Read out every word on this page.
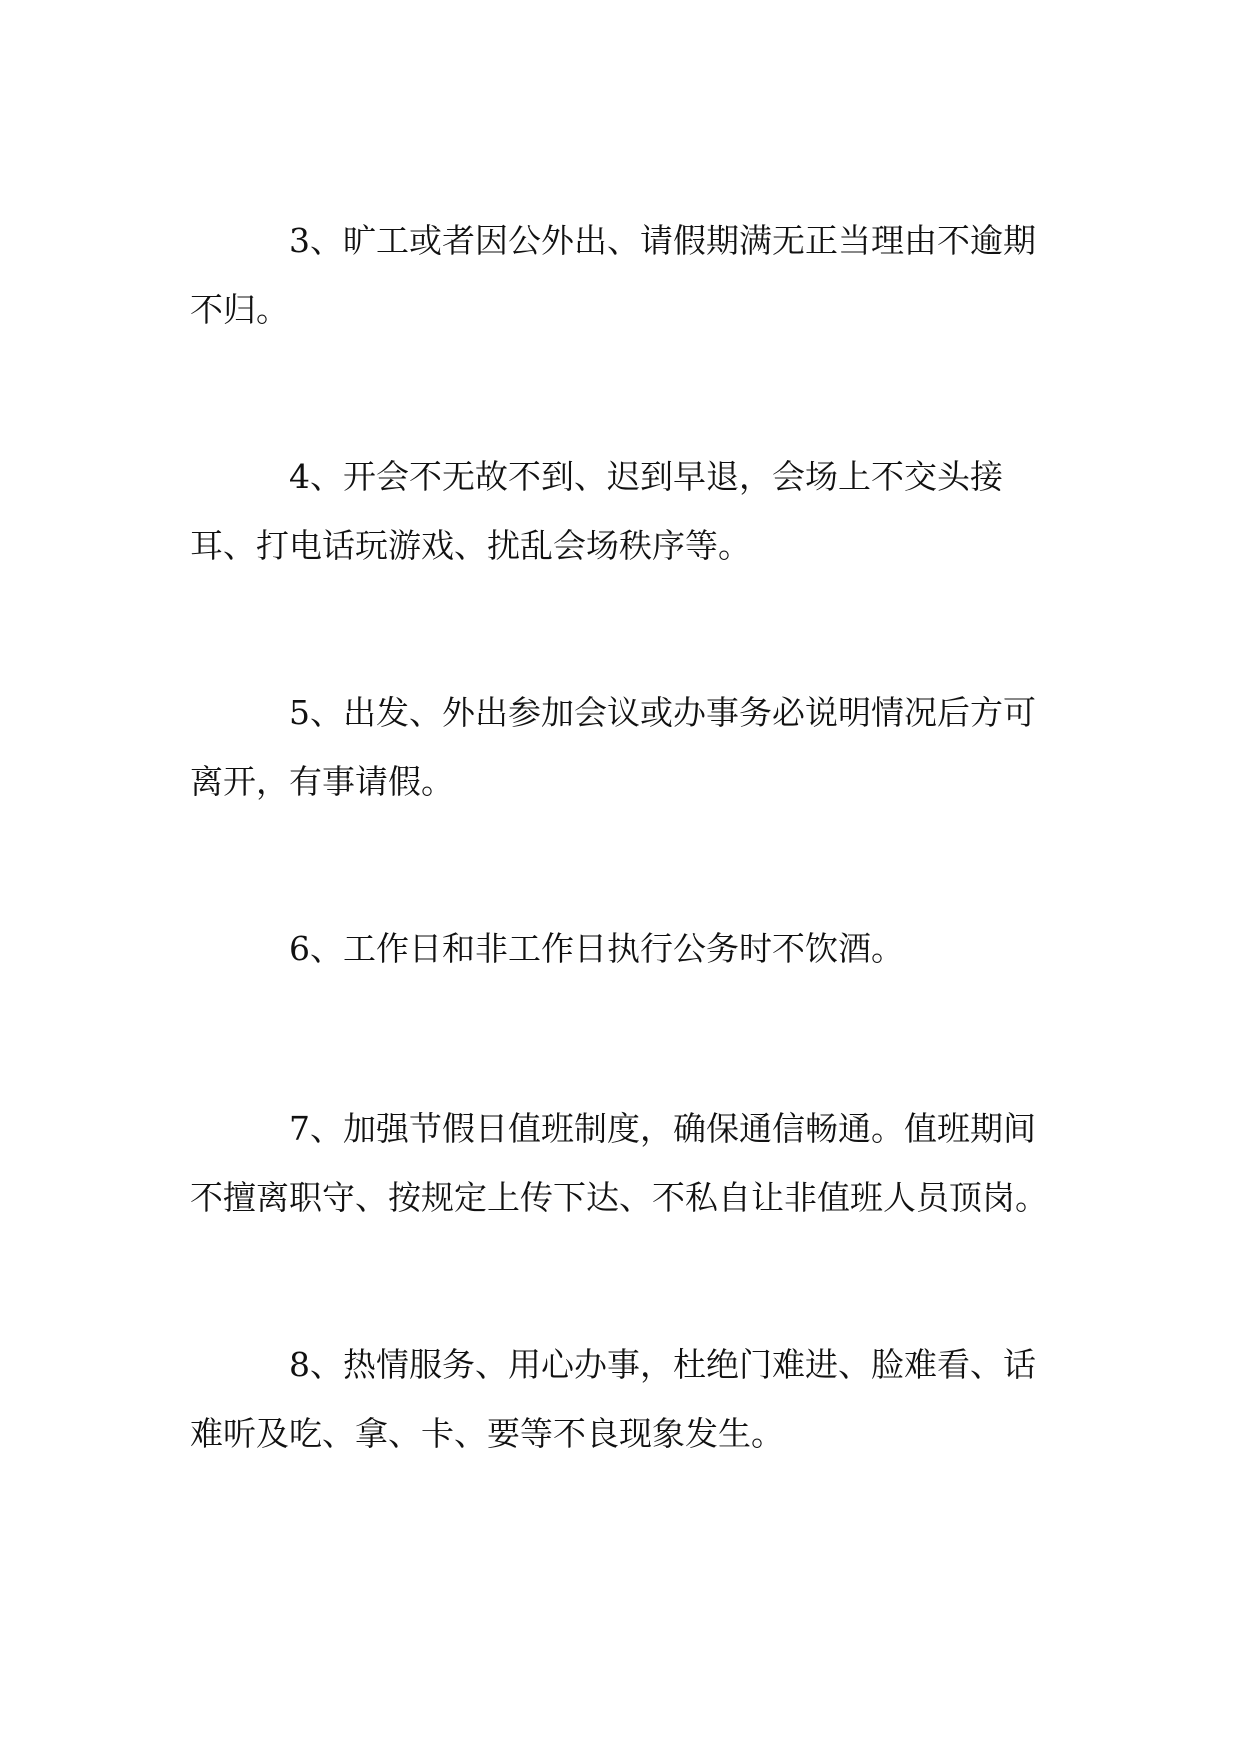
3、旷工或者因公外出、请假期满无正当理由不逾期不归。

4、开会不无故不到、迟到早退，会场上不交头接耳、打电话玩游戏、扰乱会场秩序等。

5、出发、外出参加会议或办事务必说明情况后方可离开，有事请假。

6、工作日和非工作日执行公务时不饮酒。

7、加强节假日值班制度，确保通信畅通。值班期间不擅离职守、按规定上传下达、不私自让非值班人员顶岗。

8、热情服务、用心办事，杜绝门难进、脸难看、话难听及吃、拿、卡、要等不良现象发生。
